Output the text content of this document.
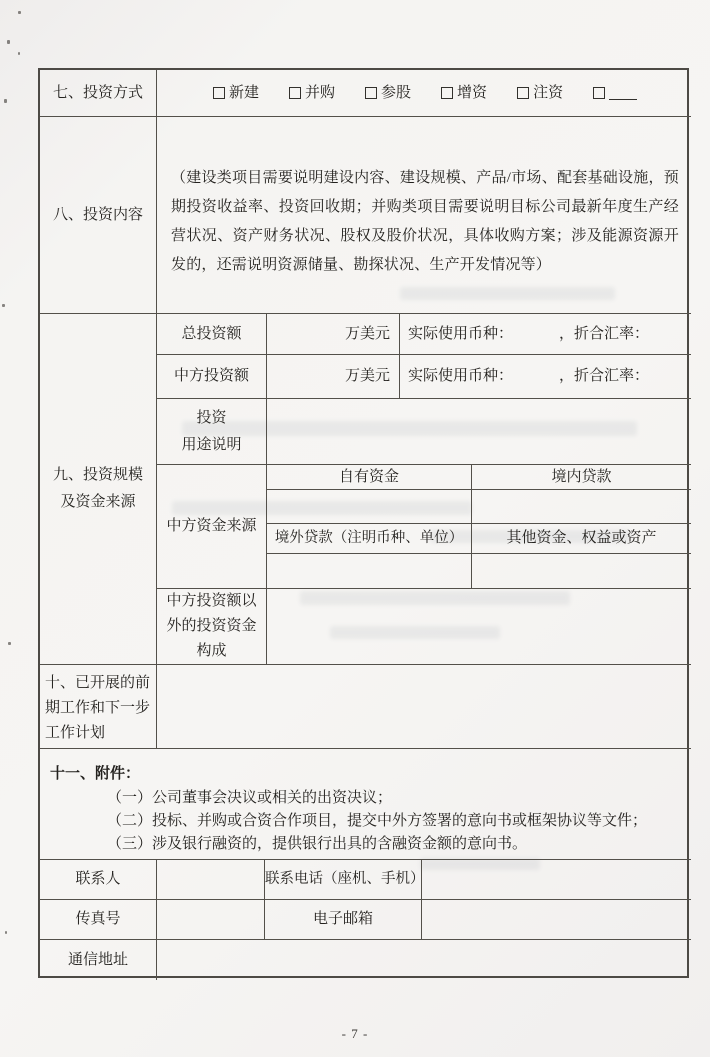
七、投资方式	新建	并购	参股	增资	注资
八、投资内容
（建设类项目需要说明建设内容、建设规模、产品/市场、配套基础设施，预期投资收益率、投资回收期；并购类项目需要说明目标公司最新年度生产经营状况、资产财务状况、股权及股价状况，具体收购方案；涉及能源资源开发的，还需说明资源储量、勘探状况、生产开发情况等）
九、投资规模
及资金来源
总投资额	万美元 实际使用币种：	，折合汇率：
中方投资额	万美元 实际使用币种：	，折合汇率：
投资
用途说明
中方资金来源
自有资金	境内贷款
境外贷款（注明币种、单位）	其他资金、权益或资产
中方投资额以外的投资资金构成
十、已开展的前期工作和下一步工作计划
十一、附件：
（一）公司董事会决议或相关的出资决议；
（二）投标、并购或合资合作项目，提交中外方签署的意向书或框架协议等文件；
（三）涉及银行融资的，提供银行出具的含融资金额的意向书。
联系人	联系电话（座机、手机）
传真号	电子邮箱
通信地址
- 7 -
